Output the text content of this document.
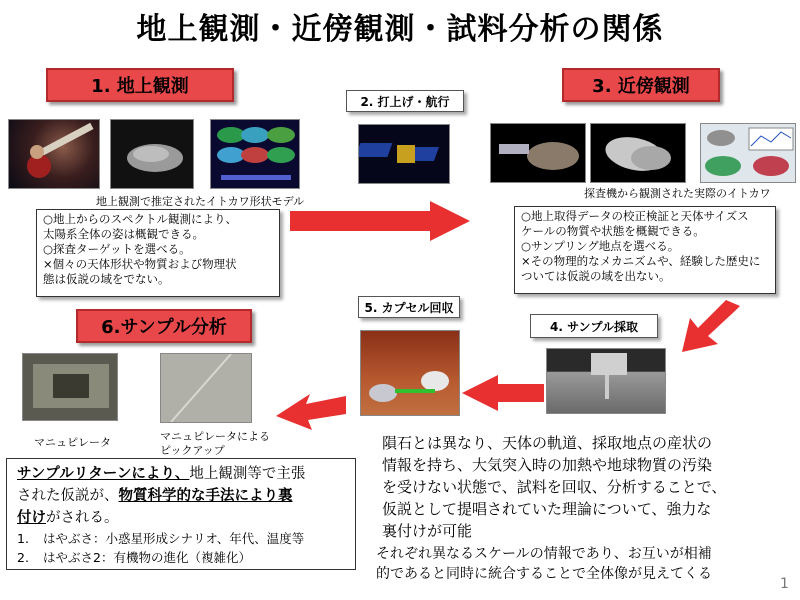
地上観測・近傍観測・試料分析の関係
1. 地上観測
地上観測で推定されたイトカワ形状モデル
○地上からのスペクトル観測により、
太陽系全体の姿は概観できる。
○探査ターゲットを選べる。
×個々の天体形状や物質および物理状
態は仮説の域をでない。
2. 打上げ・航行
3. 近傍観測
探査機から観測された実際のイトカワ
○地上取得データの校正検証と天体サイズス
ケールの物質や状態を概観できる。
○サンプリング地点を選べる。
×その物理的なメカニズムや、経験した歴史に
ついては仮説の域を出ない。
4. サンプル採取
5. カプセル回収
6.サンプル分析
マニュピレータ	マニュピレータによる
ピックアップ
サンプルリターンにより、地上観測等で主張
された仮説が、物質科学的な手法により裏
付けがされる。
1. はやぶさ：小惑星形成シナリオ、年代、温度等
2. はやぶさ2：有機物の進化（複雑化）
隕石とは異なり、天体の軌道、採取地点の産状の
情報を持ち、大気突入時の加熱や地球物質の汚染
を受けない状態で、試料を回収、分析することで、
仮説として提唱されていた理論について、強力な
裏付けが可能
それぞれ異なるスケールの情報であり、お互いが相補
的であると同時に統合することで全体像が見えてくる
1
